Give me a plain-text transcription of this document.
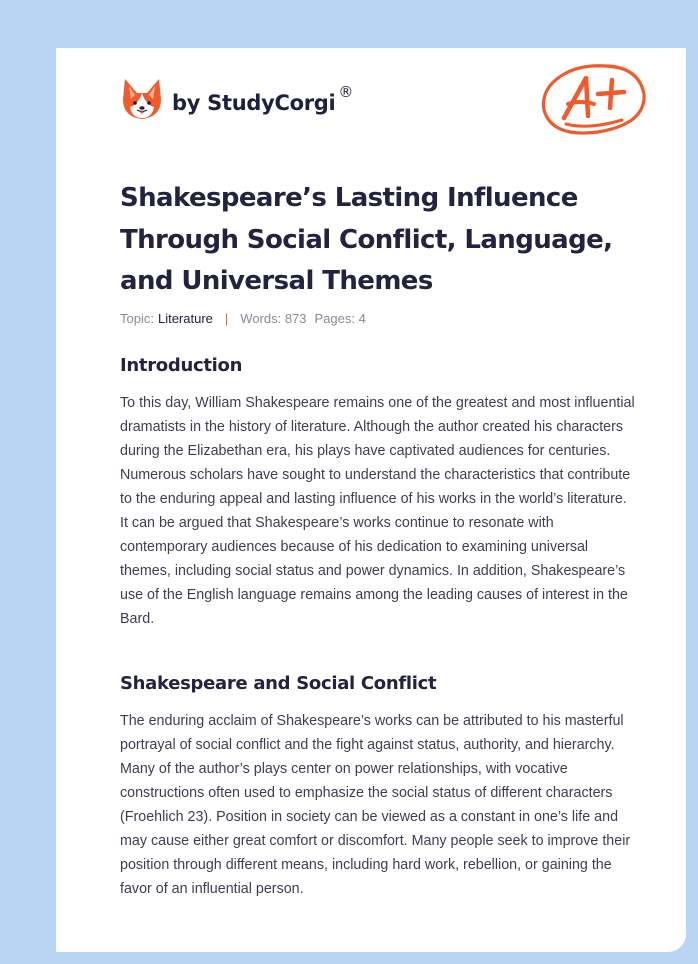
by StudyCorgi ®
Shakespeare’s Lasting Influence Through Social Conflict, Language, and Universal Themes
Topic: Literature | Words: 873 Pages: 4
Introduction

To this day, William Shakespeare remains one of the greatest and most influential dramatists in the history of literature. Although the author created his characters during the Elizabethan era, his plays have captivated audiences for centuries. Numerous scholars have sought to understand the characteristics that contribute to the enduring appeal and lasting influence of his works in the world’s literature. It can be argued that Shakespeare’s works continue to resonate with contemporary audiences because of his dedication to examining universal themes, including social status and power dynamics. In addition, Shakespeare’s use of the English language remains among the leading causes of interest in the Bard.

Shakespeare and Social Conflict

The enduring acclaim of Shakespeare’s works can be attributed to his masterful portrayal of social conflict and the fight against status, authority, and hierarchy. Many of the author’s plays center on power relationships, with vocative constructions often used to emphasize the social status of different characters (Froehlich 23). Position in society can be viewed as a constant in one’s life and may cause either great comfort or discomfort. Many people seek to improve their position through different means, including hard work, rebellion, or gaining the favor of an influential person.
